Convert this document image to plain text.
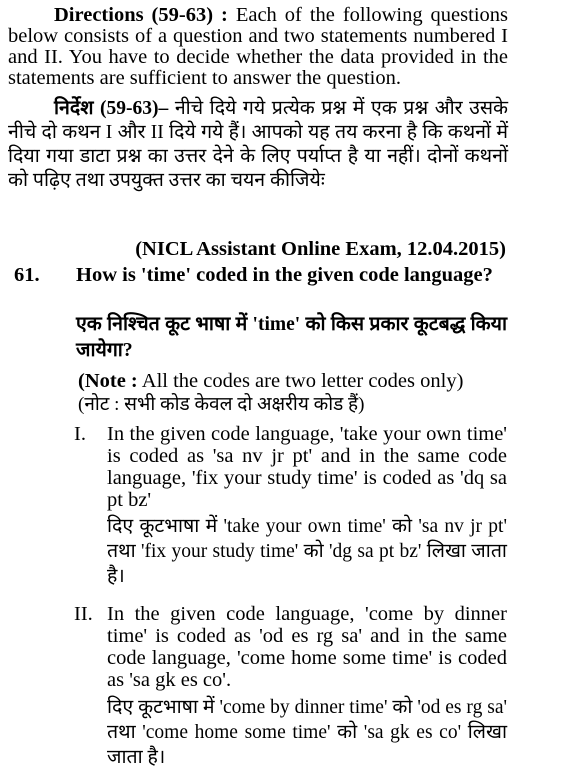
Directions (59-63) : Each of the following questions below consists of a question and two statements numbered I and II. You have to decide whether the data provided in the statements are sufficient to answer the question.
निर्देश (59-63)– नीचे दिये गये प्रत्येक प्रश्न में एक प्रश्न और उसके नीचे दो कथन I और II दिये गये हैं। आपको यह तय करना है कि कथनों में दिया गया डाटा प्रश्न का उत्तर देने के लिए पर्याप्त है या नहीं। दोनों कथनों को पढ़िए तथा उपयुक्त उत्तर का चयन कीजियेः
(NICL Assistant Online Exam, 12.04.2015)
61. How is 'time' coded in the given code language?
एक निश्चित कूट भाषा में 'time' को किस प्रकार कूटबद्ध किया जायेगा?
(Note : All the codes are two letter codes only)
(नोट : सभी कोड केवल दो अक्षरीय कोड हैं)
I. In the given code language, 'take your own time' is coded as 'sa nv jr pt' and in the same code language, 'fix your study time' is coded as 'dq sa pt bz'
दिए कूटभाषा में 'take your own time' को 'sa nv jr pt' तथा 'fix your study time' को 'dg sa pt bz' लिखा जाता है।
II. In the given code language, 'come by dinner time' is coded as 'od es rg sa' and in the same code language, 'come home some time' is coded as 'sa gk es co'.
दिए कूटभाषा में 'come by dinner time' को 'od es rg sa' तथा 'come home some time' को 'sa gk es co' लिखा जाता है।
